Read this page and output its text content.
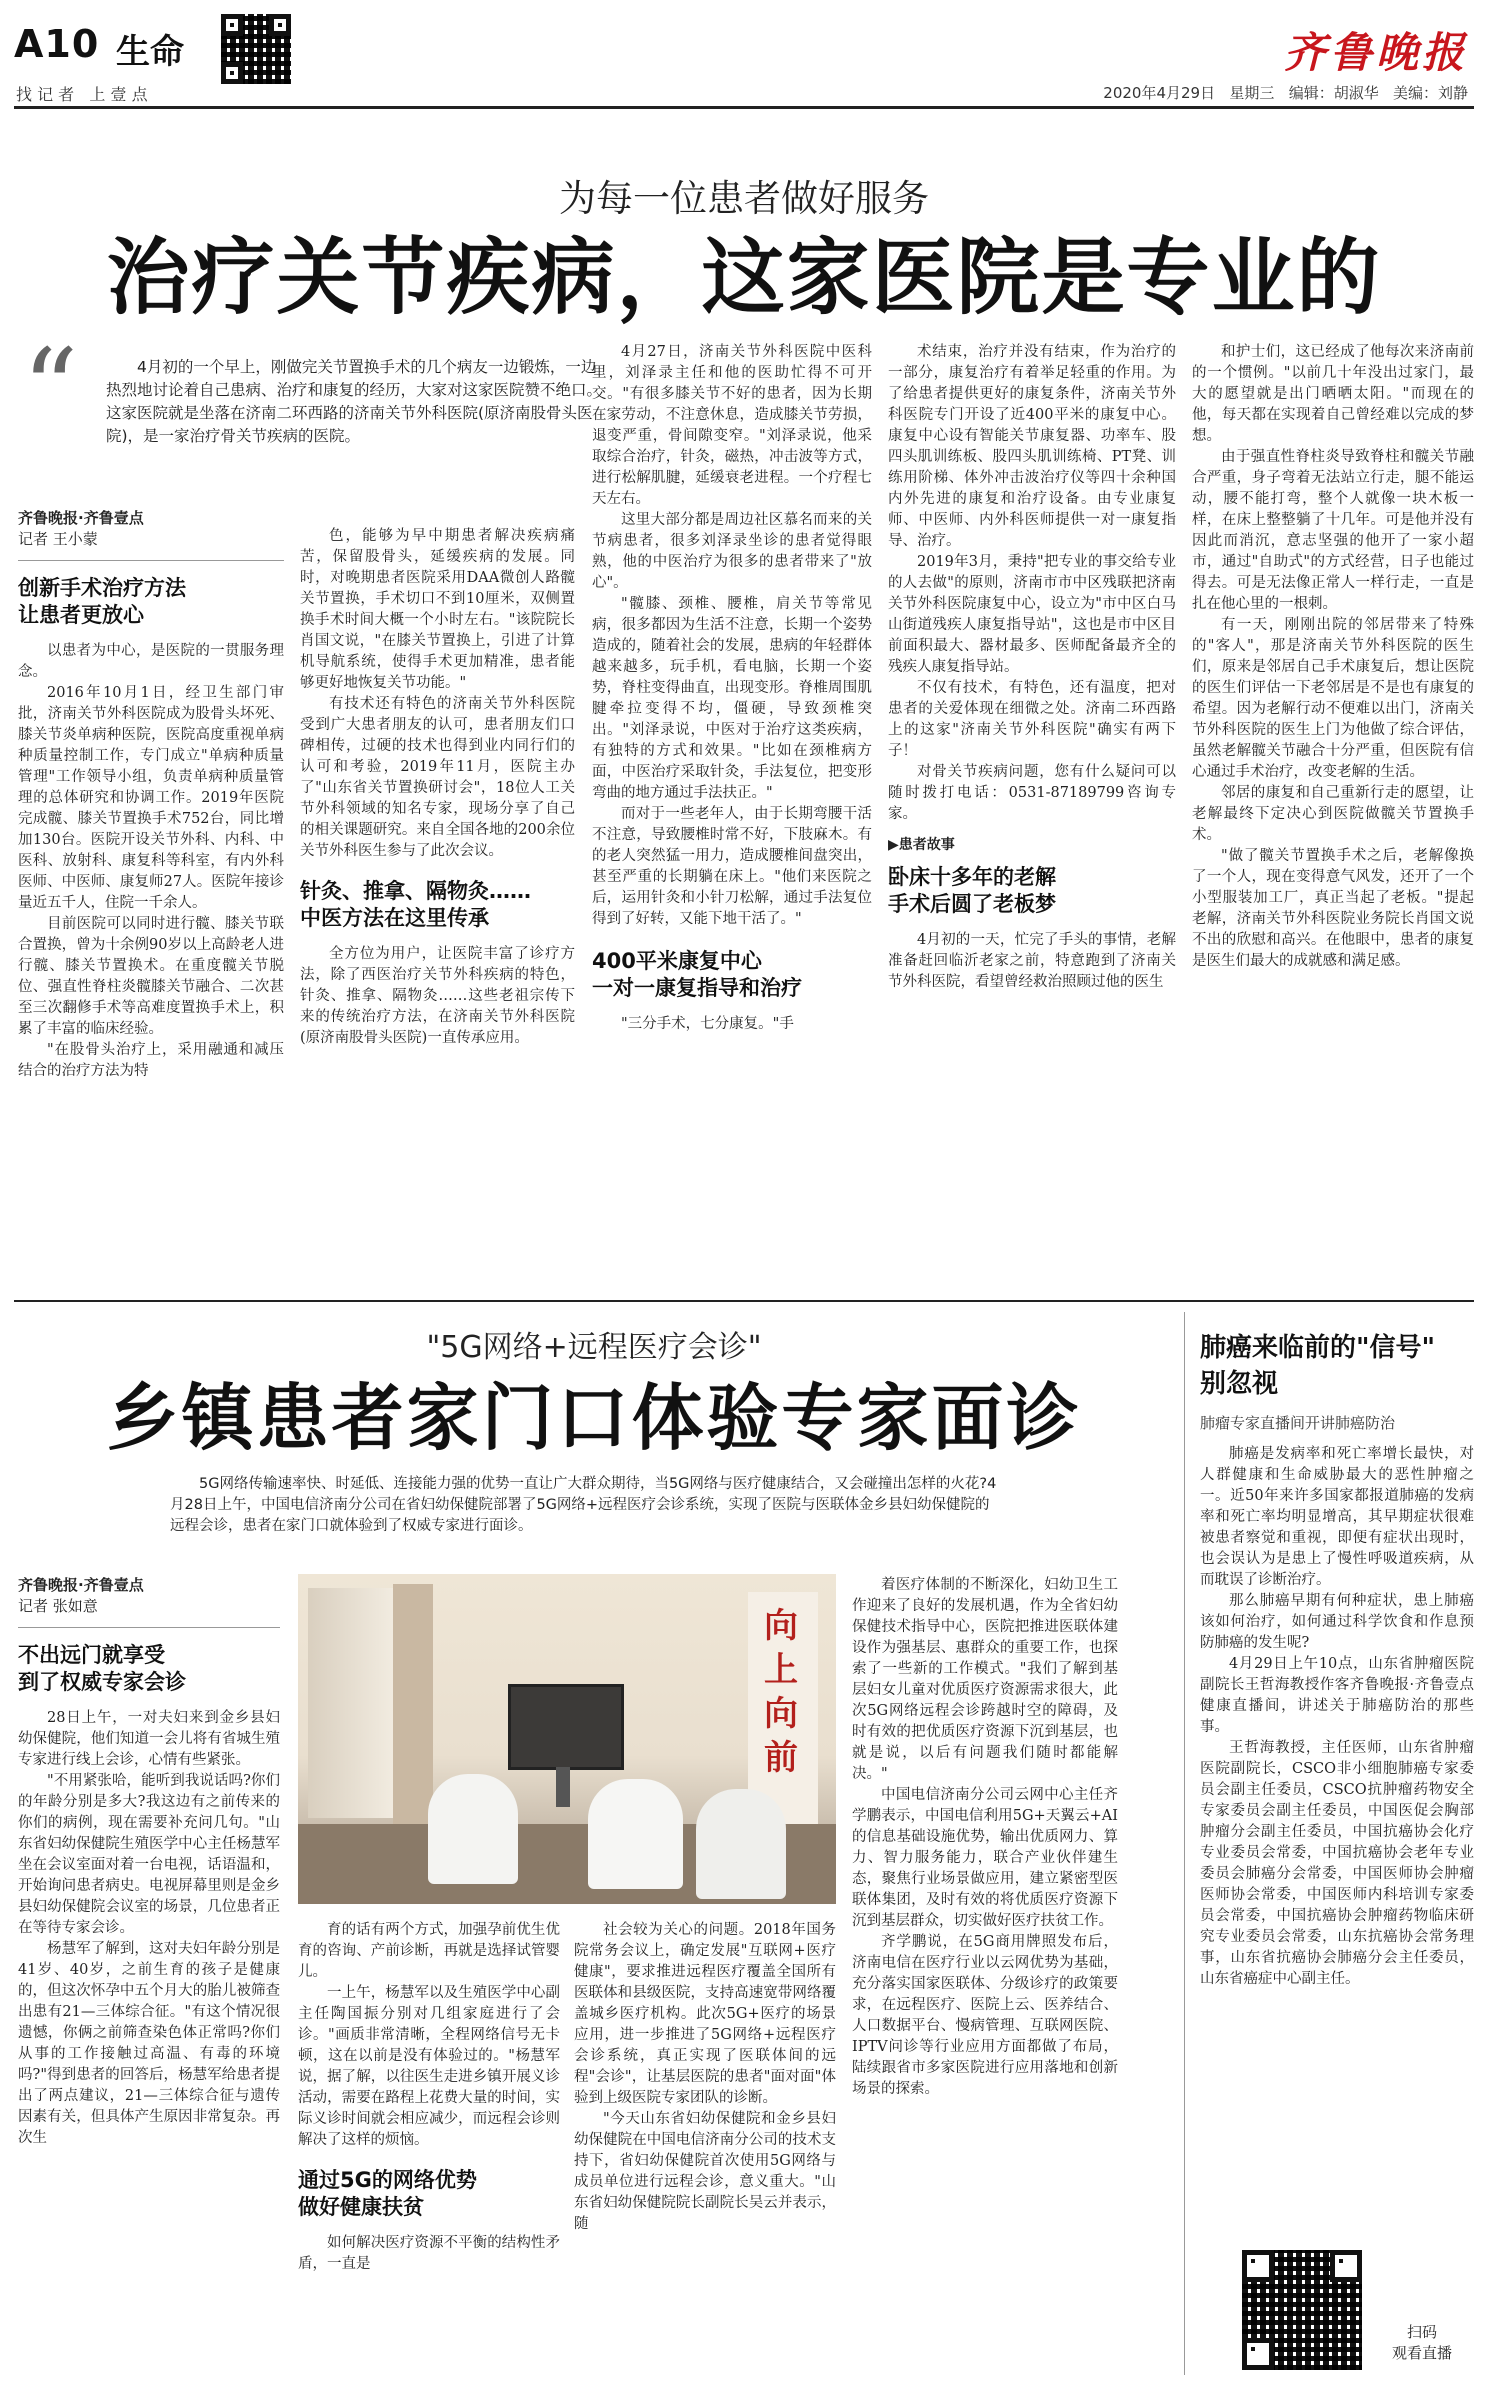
A10 生命
找 记 者   上 壹 点
齐鲁晚报
2020年4月29日   星期三   编辑：胡淑华   美编：刘静
为每一位患者做好服务
治疗关节疾病，这家医院是专业的
“	4月初的一个早上，刚做完关节置换手术的几个病友一边锻炼，一边热烈地讨论着自己患病、治疗和康复的经历，大家对这家医院赞不绝口。这家医院就是坐落在济南二环西路的济南关节外科医院(原济南股骨头医院)，是一家治疗骨关节疾病的医院。
齐鲁晚报·齐鲁壹点
记者 王小蒙
创新手术治疗方法
让患者更放心

以患者为中心，是医院的一贯服务理念。

2016年10月1日，经卫生部门审批，济南关节外科医院成为股骨头坏死、膝关节炎单病种医院，医院高度重视单病种质量控制工作，专门成立"单病种质量管理"工作领导小组，负责单病种质量管理的总体研究和协调工作。2019年医院完成髋、膝关节置换手术752台，同比增加130台。医院开设关节外科、内科、中医科、放射科、康复科等科室，有内外科医师、中医师、康复师27人。医院年接诊量近五千人，住院一千余人。

目前医院可以同时进行髋、膝关节联合置换，曾为十余例90岁以上高龄老人进行髋、膝关节置换术。在重度髋关节脱位、强直性脊柱炎髋膝关节融合、二次甚至三次翻修手术等高难度置换手术上，积累了丰富的临床经验。

"在股骨头治疗上，采用融通和减压结合的治疗方法为特

色，能够为早中期患者解决疾病痛苦，保留股骨头，延缓疾病的发展。同时，对晚期患者医院采用DAA微创人路髋关节置换，手术切口不到10厘米，双侧置换手术时间大概一个小时左右。"该院院长肖国文说，"在膝关节置换上，引进了计算机导航系统，使得手术更加精准，患者能够更好地恢复关节功能。"

有技术还有特色的济南关节外科医院受到广大患者朋友的认可，患者朋友们口碑相传，过硬的技术也得到业内同行们的认可和考验，2019年11月，医院主办了"山东省关节置换研讨会"，18位人工关节外科领域的知名专家，现场分享了自己的相关课题研究。来自全国各地的200余位关节外科医生参与了此次会议。

针灸、推拿、隔物灸……
中医方法在这里传承

全方位为用户，让医院丰富了诊疗方法，除了西医治疗关节外科疾病的特色，针灸、推拿、隔物灸……这些老祖宗传下来的传统治疗方法，在济南关节外科医院(原济南股骨头医院)一直传承应用。

4月27日，济南关节外科医院中医科里，刘泽录主任和他的医助忙得不可开交。"有很多膝关节不好的患者，因为长期在家劳动，不注意休息，造成膝关节劳损，退变严重，骨间隙变窄。"刘泽录说，他采取综合治疗，针灸，磁热，冲击波等方式，进行松解肌腱，延缓衰老进程。一个疗程七天左右。

这里大部分都是周边社区慕名而来的关节病患者，很多刘泽录坐诊的患者觉得眼熟，他的中医治疗为很多的患者带来了"放心"。

"髋膝、颈椎、腰椎，肩关节等常见病，很多都因为生活不注意，长期一个姿势造成的，随着社会的发展，患病的年轻群体越来越多，玩手机，看电脑，长期一个姿势，脊柱变得曲直，出现变形。脊椎周围肌腱牵拉变得不均，僵硬，导致颈椎突出。"刘泽录说，中医对于治疗这类疾病，有独特的方式和效果。"比如在颈椎病方面，中医治疗采取针灸，手法复位，把变形弯曲的地方通过手法扶正。"

而对于一些老年人，由于长期弯腰干活不注意，导致腰椎时常不好，下肢麻木。有的老人突然猛一用力，造成腰椎间盘突出，甚至严重的长期躺在床上。"他们来医院之后，运用针灸和小针刀松解，通过手法复位得到了好转，又能下地干活了。"

400平米康复中心
一对一康复指导和治疗

"三分手术，七分康复。"手

术结束，治疗并没有结束，作为治疗的一部分，康复治疗有着举足轻重的作用。为了给患者提供更好的康复条件，济南关节外科医院专门开设了近400平米的康复中心。康复中心设有智能关节康复器、功率车、股四头肌训练板、股四头肌训练椅、PT凳、训练用阶梯、体外冲击波治疗仪等四十余种国内外先进的康复和治疗设备。由专业康复师、中医师、内外科医师提供一对一康复指导、治疗。

2019年3月，秉持"把专业的事交给专业的人去做"的原则，济南市市中区残联把济南关节外科医院康复中心，设立为"市中区白马山街道残疾人康复指导站"，这也是市中区目前面积最大、器材最多、医师配备最齐全的残疾人康复指导站。

不仅有技术，有特色，还有温度，把对患者的关爱体现在细微之处。济南二环西路上的这家"济南关节外科医院"确实有两下子！

对骨关节疾病问题，您有什么疑问可以随时拨打电话：0531-87189799咨询专家。

▶患者故事
卧床十多年的老解
手术后圆了老板梦

4月初的一天，忙完了手头的事情，老解准备赶回临沂老家之前，特意跑到了济南关节外科医院，看望曾经救治照顾过他的医生

和护士们，这已经成了他每次来济南前的一个惯例。"以前几十年没出过家门，最大的愿望就是出门晒晒太阳。"而现在的他，每天都在实现着自己曾经难以完成的梦想。

由于强直性脊柱炎导致脊柱和髋关节融合严重，身子弯着无法站立行走，腿不能运动，腰不能打弯，整个人就像一块木板一样，在床上整整躺了十几年。可是他并没有因此而消沉，意志坚强的他开了一家小超市，通过"自助式"的方式经营，日子也能过得去。可是无法像正常人一样行走，一直是扎在他心里的一根刺。

有一天，刚刚出院的邻居带来了特殊的"客人"，那是济南关节外科医院的医生们，原来是邻居自己手术康复后，想让医院的医生们评估一下老邻居是不是也有康复的希望。因为老解行动不便难以出门，济南关节外科医院的医生上门为他做了综合评估，虽然老解髋关节融合十分严重，但医院有信心通过手术治疗，改变老解的生活。

邻居的康复和自己重新行走的愿望，让老解最终下定决心到医院做髋关节置换手术。

"做了髋关节置换手术之后，老解像换了一个人，现在变得意气风发，还开了一个小型服装加工厂，真正当起了老板。"提起老解，济南关节外科医院业务院长肖国文说不出的欣慰和高兴。在他眼中，患者的康复是医生们最大的成就感和满足感。

"5G网络+远程医疗会诊"
乡镇患者家门口体验专家面诊
5G网络传输速率快、时延低、连接能力强的优势一直让广大群众期待，当5G网络与医疗健康结合，又会碰撞出怎样的火花?4月28日上午，中国电信济南分公司在省妇幼保健院部署了5G网络+远程医疗会诊系统，实现了医院与医联体金乡县妇幼保健院的远程会诊，患者在家门口就体验到了权威专家进行面诊。
齐鲁晚报·齐鲁壹点
记者 张如意
不出远门就享受
到了权威专家会诊

28日上午，一对夫妇来到金乡县妇幼保健院，他们知道一会儿将有省城生殖专家进行线上会诊，心情有些紧张。

"不用紧张哈，能听到我说话吗?你们的年龄分别是多大?我这边有之前传来的你们的病例，现在需要补充问几句。"山东省妇幼保健院生殖医学中心主任杨慧军坐在会议室面对着一台电视，话语温和，开始询问患者病史。电视屏幕里则是金乡县妇幼保健院会议室的场景，几位患者正在等待专家会诊。

杨慧军了解到，这对夫妇年龄分别是41岁、40岁，之前生育的孩子是健康的，但这次怀孕中五个月大的胎儿被筛查出患有21—三体综合征。"有这个情况很遗憾，你俩之前筛查染色体正常吗?你们从事的工作接触过高温、有毒的环境吗?"得到患者的回答后，杨慧军给患者提出了两点建议，21—三体综合征与遗传因素有关，但具体产生原因非常复杂。再次生

向上向前

育的话有两个方式，加强孕前优生优育的咨询、产前诊断，再就是选择试管婴儿。

一上午，杨慧军以及生殖医学中心副主任陶国振分别对几组家庭进行了会诊。"画质非常清晰，全程网络信号无卡顿，这在以前是没有体验过的。"杨慧军说，据了解，以往医生走进乡镇开展义诊活动，需要在路程上花费大量的时间，实际义诊时间就会相应减少，而远程会诊则解决了这样的烦恼。

通过5G的网络优势
做好健康扶贫

如何解决医疗资源不平衡的结构性矛盾，一直是

社会较为关心的问题。2018年国务院常务会议上，确定发展"互联网+医疗健康"，要求推进远程医疗覆盖全国所有医联体和县级医院，支持高速宽带网络覆盖城乡医疗机构。此次5G+医疗的场景应用，进一步推进了5G网络+远程医疗会诊系统，真正实现了医联体间的远程"会诊"，让基层医院的患者"面对面"体验到上级医院专家团队的诊断。

"今天山东省妇幼保健院和金乡县妇幼保健院在中国电信济南分公司的技术支持下，省妇幼保健院首次使用5G网络与成员单位进行远程会诊，意义重大。"山东省妇幼保健院院长副院长吴云并表示，随

着医疗体制的不断深化，妇幼卫生工作迎来了良好的发展机遇，作为全省妇幼保健技术指导中心，医院把推进医联体建设作为强基层、惠群众的重要工作，也探索了一些新的工作模式。"我们了解到基层妇女儿童对优质医疗资源需求很大，此次5G网络远程会诊跨越时空的障碍，及时有效的把优质医疗资源下沉到基层，也就是说，以后有问题我们随时都能解决。"

中国电信济南分公司云网中心主任齐学鹏表示，中国电信利用5G+天翼云+AI的信息基础设施优势，输出优质网力、算力、智力服务能力，联合产业伙伴建生态，聚焦行业场景做应用，建立紧密型医联体集团，及时有效的将优质医疗资源下沉到基层群众，切实做好医疗扶贫工作。

齐学鹏说，在5G商用牌照发布后，济南电信在医疗行业以云网优势为基础，充分落实国家医联体、分级诊疗的政策要求，在远程医疗、医院上云、医养结合、人口数据平台、慢病管理、互联网医院、IPTV问诊等行业应用方面都做了布局，陆续跟省市多家医院进行应用落地和创新场景的探索。

肺癌来临前的"信号"
别忽视
肺瘤专家直播间开讲肺癌防治

肺癌是发病率和死亡率增长最快，对人群健康和生命威胁最大的恶性肿瘤之一。近50年来许多国家都报道肺癌的发病率和死亡率均明显增高，其早期症状很难被患者察觉和重视，即便有症状出现时，也会误认为是患上了慢性呼吸道疾病，从而耽误了诊断治疗。

那么肺癌早期有何种症状，患上肺癌该如何治疗，如何通过科学饮食和作息预防肺癌的发生呢?

4月29日上午10点，山东省肿瘤医院副院长王哲海教授作客齐鲁晚报·齐鲁壹点健康直播间，讲述关于肺癌防治的那些事。

王哲海教授，主任医师，山东省肿瘤医院副院长，CSCO非小细胞肺癌专家委员会副主任委员，CSCO抗肿瘤药物安全专家委员会副主任委员，中国医促会胸部肿瘤分会副主任委员，中国抗癌协会化疗专业委员会常委，中国抗癌协会老年专业委员会肺癌分会常委，中国医师协会肿瘤医师协会常委，中国医师内科培训专家委员会常委，中国抗癌协会肿瘤药物临床研究专业委员会常委，山东抗癌协会常务理事，山东省抗癌协会肺癌分会主任委员，山东省癌症中心副主任。

扫码
观看直播
